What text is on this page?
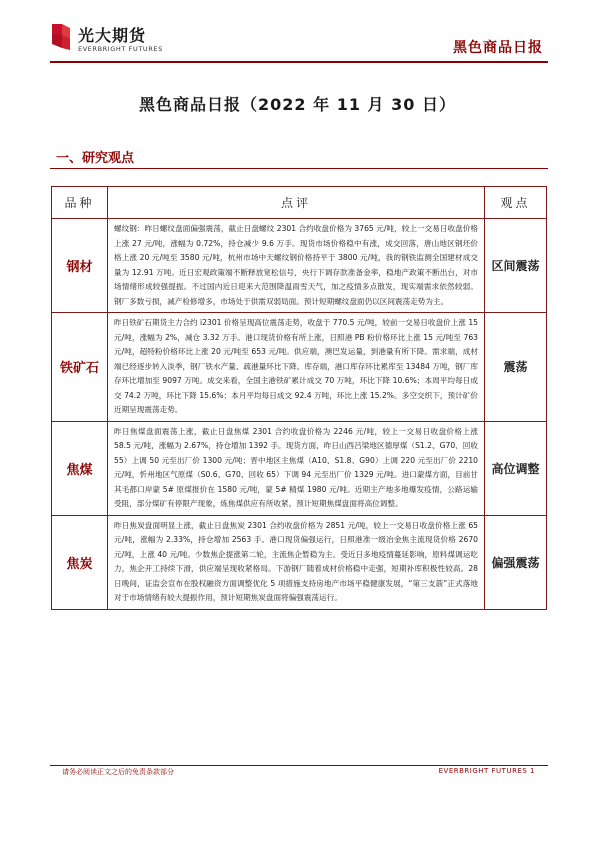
光大期货
EVERBRIGHT FUTURES	黑色商品日报
黑色商品日报（2022 年 11 月 30 日）
一、研究观点
品种	点评	观点
钢材	螺纹钢：昨日螺纹盘面偏强震荡，截止日盘螺纹 2301 合约收盘价格为 3765 元/吨，较上一交易日收盘价格上涨 27 元/吨，涨幅为 0.72%，持仓减少 9.6 万手。现货市场价格稳中有涨，成交回落，唐山地区钢坯价格上涨 20 元/吨至 3580 元/吨，杭州市场中天螺纹钢价格持平于 3800 元/吨，我的钢铁监测全国建材成交量为 12.91 万吨。近日宏观政策端不断释放宽松信号，央行下调存款准备金率，稳地产政策不断出台，对市场情绪形成较强提振。不过国内近日迎来大范围降温雨雪天气，加之疫情多点散发，现实端需求依然较弱。钢厂多数亏损，减产检修增多，市场处于供需双弱局面。预计短期螺纹盘面仍以区间震荡走势为主。	区间震荡
铁矿石	昨日铁矿石期货主力合约 i2301 价格呈现高位震荡走势，收盘于 770.5 元/吨，较前一交易日收盘价上涨 15 元/吨，涨幅为 2%，减仓 3.32 万手。港口现货价格有所上涨，日照港 PB 粉价格环比上涨 15 元/吨至 763 元/吨，超特粉价格环比上涨 20 元/吨至 653 元/吨。供应端，澳巴发运量，到港量有所下降。需求端，成材端已经逐步转入淡季，钢厂铁水产量、疏港量环比下降。库存端，港口库存环比累库至 13484 万吨，钢厂库存环比增加至 9097 万吨。成交来看，全国主港铁矿累计成交 70 万吨，环比下降 10.6%；本周平均每日成交 74.2 万吨，环比下降 15.6%；本月平均每日成交 92.4 万吨，环比上涨 15.2%。多空交织下，预计矿价近期呈现震荡走势。	震荡
焦煤	昨日焦煤盘面震荡上涨，截止日盘焦煤 2301 合约收盘价格为 2246 元/吨，较上一交易日收盘价格上涨 58.5 元/吨，涨幅为 2.67%，持仓增加 1392 手。现货方面，昨日山西吕梁地区德厚煤（S1.2、G70、回收 55）上调 50 元至出厂价 1300 元/吨；晋中地区主焦煤（A10、S1.8、G90）上调 220 元至出厂价 2210 元/吨，忻州地区气原煤（S0.6、G70、回收 65）下调 94 元至出厂价 1329 元/吨。进口蒙煤方面，目前甘其毛都口岸蒙 5# 原煤报价在 1580 元/吨，蒙 5# 精煤 1980 元/吨。近期主产地多地爆发疫情，公路运输受阻，部分煤矿有停限产现象，炼焦煤供应有所收紧。预计短期焦煤盘面将高位调整。	高位调整
焦炭	昨日焦炭盘面明显上涨，截止日盘焦炭 2301 合约收盘价格为 2851 元/吨，较上一交易日收盘价格上涨 65 元/吨，涨幅为 2.33%，持仓增加 2563 手。港口现货偏强运行，日照港准一级冶金焦主流现货价格 2670 元/吨，上涨 40 元/吨。少数焦企提涨第二轮，主流焦企暂稳为主。受近日多地疫情蔓延影响，原料煤调运吃力，焦企开工持续下滑，供应端呈现收紧格局。下游钢厂随着成材价格稳中走强，短期补库积极性较高。28 日晚间，证监会宣布在股权融资方面调整优化 5 项措施支持房地产市场平稳健康发展，“第三支箭”正式落地对于市场情绪有较大提振作用，预计短期焦炭盘面将偏强震荡运行。	偏强震荡
请务必阅读正文之后的免责条款部分	EVERBRIGHT FUTURES 1
